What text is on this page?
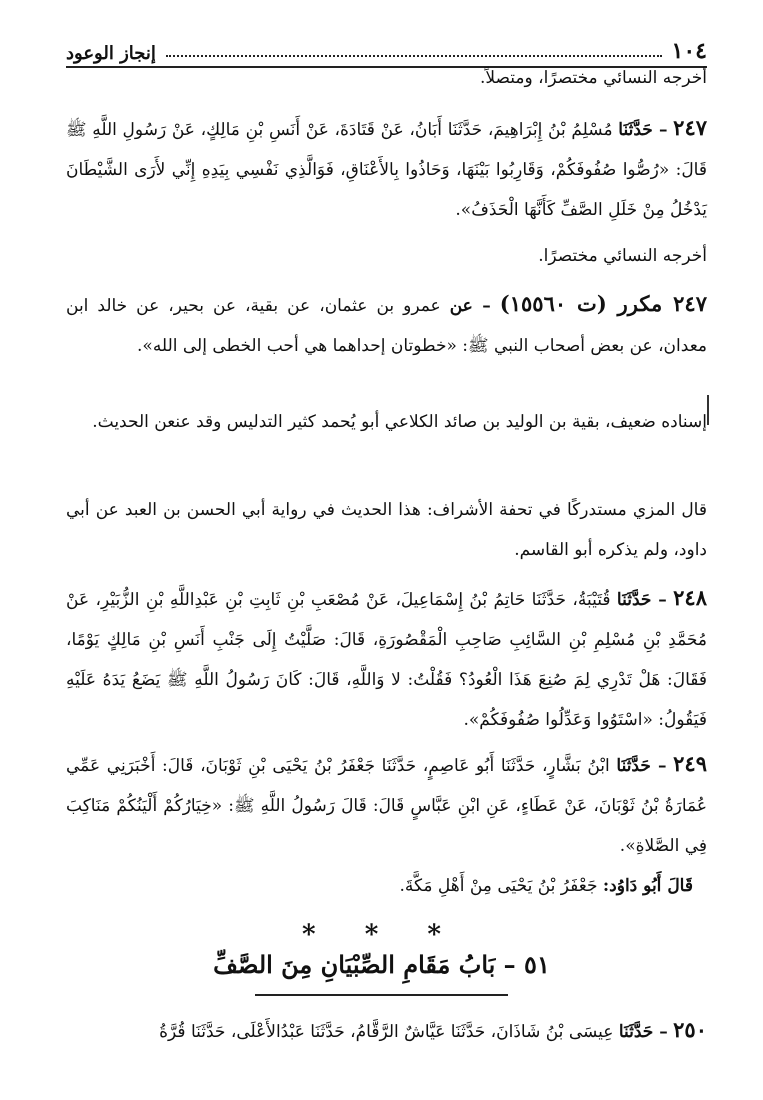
١٠٤
إنجاز الوعود
أخرجه النسائي مختصرًا، ومتصلاً.
٢٤٧ – حَدَّثَنَا مُسْلِمُ بْنُ إِبْرَاهِيمَ، حَدَّثَنَا أَبَانُ، عَنْ قَتَادَةَ، عَنْ أَنَسِ بْنِ مَالِكٍ، عَنْ رَسُولِ اللَّهِ ﷺ قَالَ: «رُصُّوا صُفُوفَكُمْ، وَقَارِبُوا بَيْنَهَا، وَحَاذُوا بِالأَعْنَاقِ، فَوَالَّذِي نَفْسِي بِيَدِهِ إِنِّي لأَرَى الشَّيْطَانَ يَدْخُلُ مِنْ خَلَلِ الصَّفِّ كَأَنَّهَا الْحَذَفُ».
أخرجه النسائي مختصرًا.
٢٤٧ مكرر (ت ١٥٥٦٠) – عن عمرو بن عثمان، عن بقية، عن بحير، عن خالد ابن معدان، عن بعض أصحاب النبي ﷺ: «خطوتان إحداهما هي أحب الخطى إلى الله».
إسناده ضعيف، بقية بن الوليد بن صائد الكلاعي أبو يُحمد كثير التدليس وقد عنعن الحديث.
قال المزي مستدركًا في تحفة الأشراف: هذا الحديث في رواية أبي الحسن بن العبد عن أبي داود، ولم يذكره أبو القاسم.
٢٤٨ – حَدَّثَنَا قُتَيْبَةُ، حَدَّثَنَا حَاتِمُ بْنُ إِسْمَاعِيلَ، عَنْ مُصْعَبِ بْنِ ثَابِتِ بْنِ عَبْدِاللَّهِ بْنِ الزُّبَيْرِ، عَنْ مُحَمَّدِ بْنِ مُسْلِمِ بْنِ السَّائِبِ صَاحِبِ الْمَقْصُورَةِ، قَالَ: صَلَّيْتُ إِلَى جَنْبِ أَنَسِ بْنِ مَالِكٍ يَوْمًا، فَقَالَ: هَلْ تَدْرِي لِمَ صُنِعَ هَذَا الْعُودُ؟ فَقُلْتُ: لا وَاللَّهِ، قَالَ: كَانَ رَسُولُ اللَّهِ ﷺ يَضَعُ يَدَهُ عَلَيْهِ فَيَقُولُ: «اسْتَوُوا وَعَدِّلُوا صُفُوفَكُمْ».
٢٤٩ – حَدَّثَنَا ابْنُ بَشَّارٍ، حَدَّثَنَا أَبُو عَاصِمٍ، حَدَّثَنَا جَعْفَرُ بْنُ يَحْيَى بْنِ ثَوْبَانَ، قَالَ: أَخْبَرَنِي عَمِّي عُمَارَةُ بْنُ ثَوْبَانَ، عَنْ عَطَاءٍ، عَنِ ابْنِ عَبَّاسٍ قَالَ: قَالَ رَسُولُ اللَّهِ ﷺ: «خِيَارُكُمْ أَلْيَنُكُمْ مَنَاكِبَ فِي الصَّلاةِ».
قَالَ أَبُو دَاوُد: جَعْفَرُ بْنُ يَحْيَى مِنْ أَهْلِ مَكَّةَ.
* * *
٥١ – بَابُ مَقَامِ الصِّبْيَانِ مِنَ الصَّفِّ
٢٥٠ – حَدَّثَنَا عِيسَى بْنُ شَاذَانَ، حَدَّثَنَا عَيَّاشٌ الرَّقَّامُ، حَدَّثَنَا عَبْدُالأَعْلَى، حَدَّثَنَا قُرَّةُ
